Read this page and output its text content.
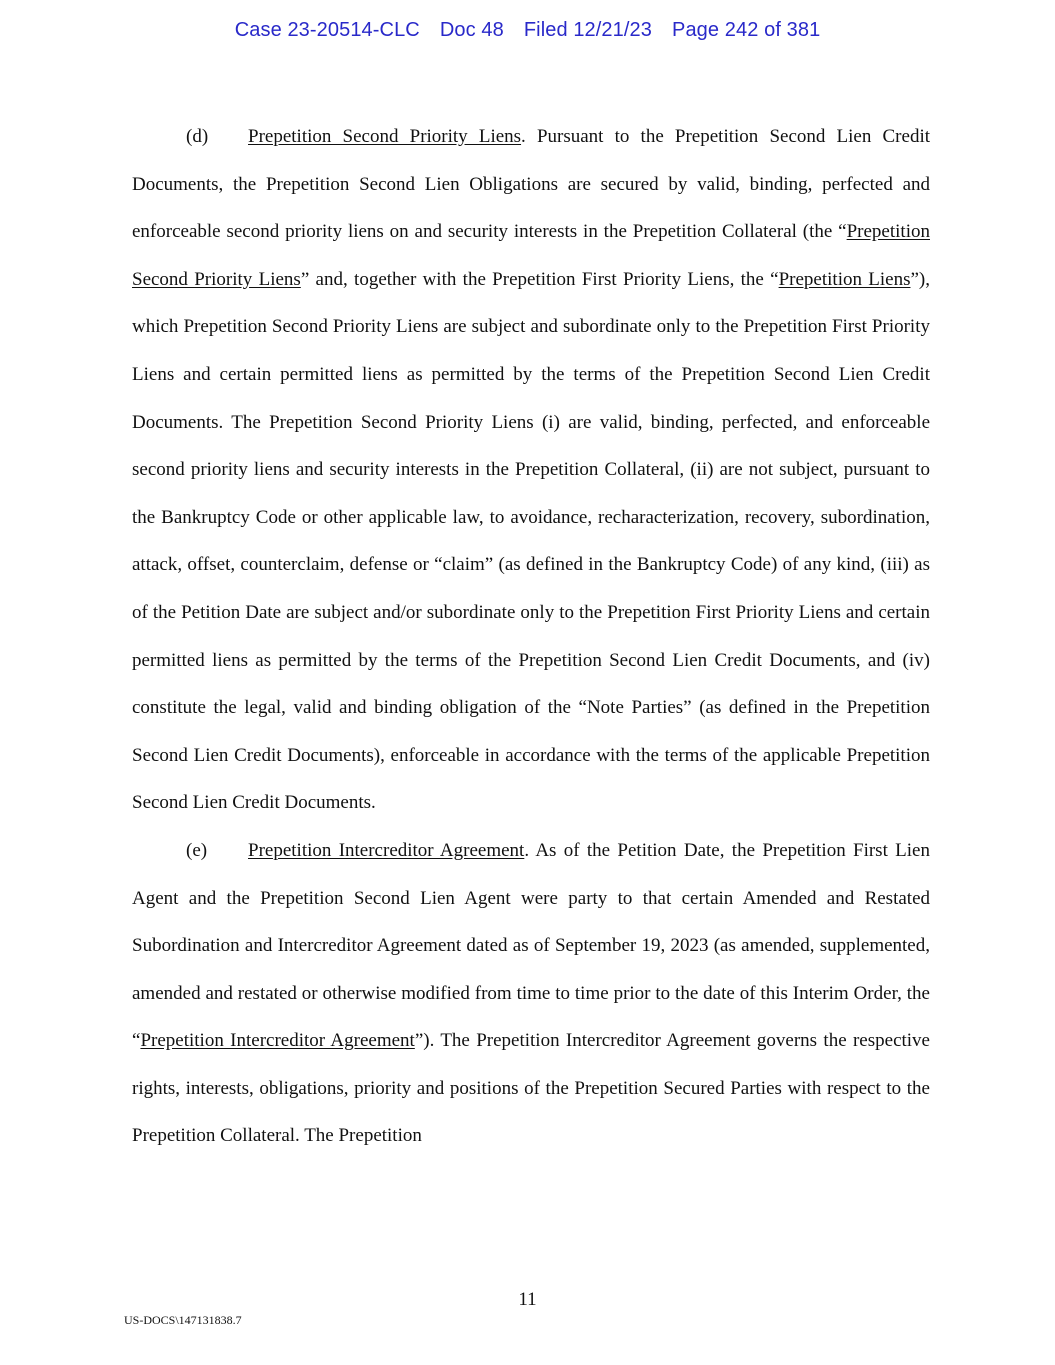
Case 23-20514-CLC Doc 48 Filed 12/21/23 Page 242 of 381

(d) Prepetition Second Priority Liens. Pursuant to the Prepetition Second Lien Credit Documents, the Prepetition Second Lien Obligations are secured by valid, binding, perfected and enforceable second priority liens on and security interests in the Prepetition Collateral (the “Prepetition Second Priority Liens” and, together with the Prepetition First Priority Liens, the “Prepetition Liens”), which Prepetition Second Priority Liens are subject and subordinate only to the Prepetition First Priority Liens and certain permitted liens as permitted by the terms of the Prepetition Second Lien Credit Documents. The Prepetition Second Priority Liens (i) are valid, binding, perfected, and enforceable second priority liens and security interests in the Prepetition Collateral, (ii) are not subject, pursuant to the Bankruptcy Code or other applicable law, to avoidance, recharacterization, recovery, subordination, attack, offset, counterclaim, defense or “claim” (as defined in the Bankruptcy Code) of any kind, (iii) as of the Petition Date are subject and/or subordinate only to the Prepetition First Priority Liens and certain permitted liens as permitted by the terms of the Prepetition Second Lien Credit Documents, and (iv) constitute the legal, valid and binding obligation of the “Note Parties” (as defined in the Prepetition Second Lien Credit Documents), enforceable in accordance with the terms of the applicable Prepetition Second Lien Credit Documents.

(e) Prepetition Intercreditor Agreement. As of the Petition Date, the Prepetition First Lien Agent and the Prepetition Second Lien Agent were party to that certain Amended and Restated Subordination and Intercreditor Agreement dated as of September 19, 2023 (as amended, supplemented, amended and restated or otherwise modified from time to time prior to the date of this Interim Order, the “Prepetition Intercreditor Agreement”). The Prepetition Intercreditor Agreement governs the respective rights, interests, obligations, priority and positions of the Prepetition Secured Parties with respect to the Prepetition Collateral. The Prepetition

11
US-DOCS\147131838.7
